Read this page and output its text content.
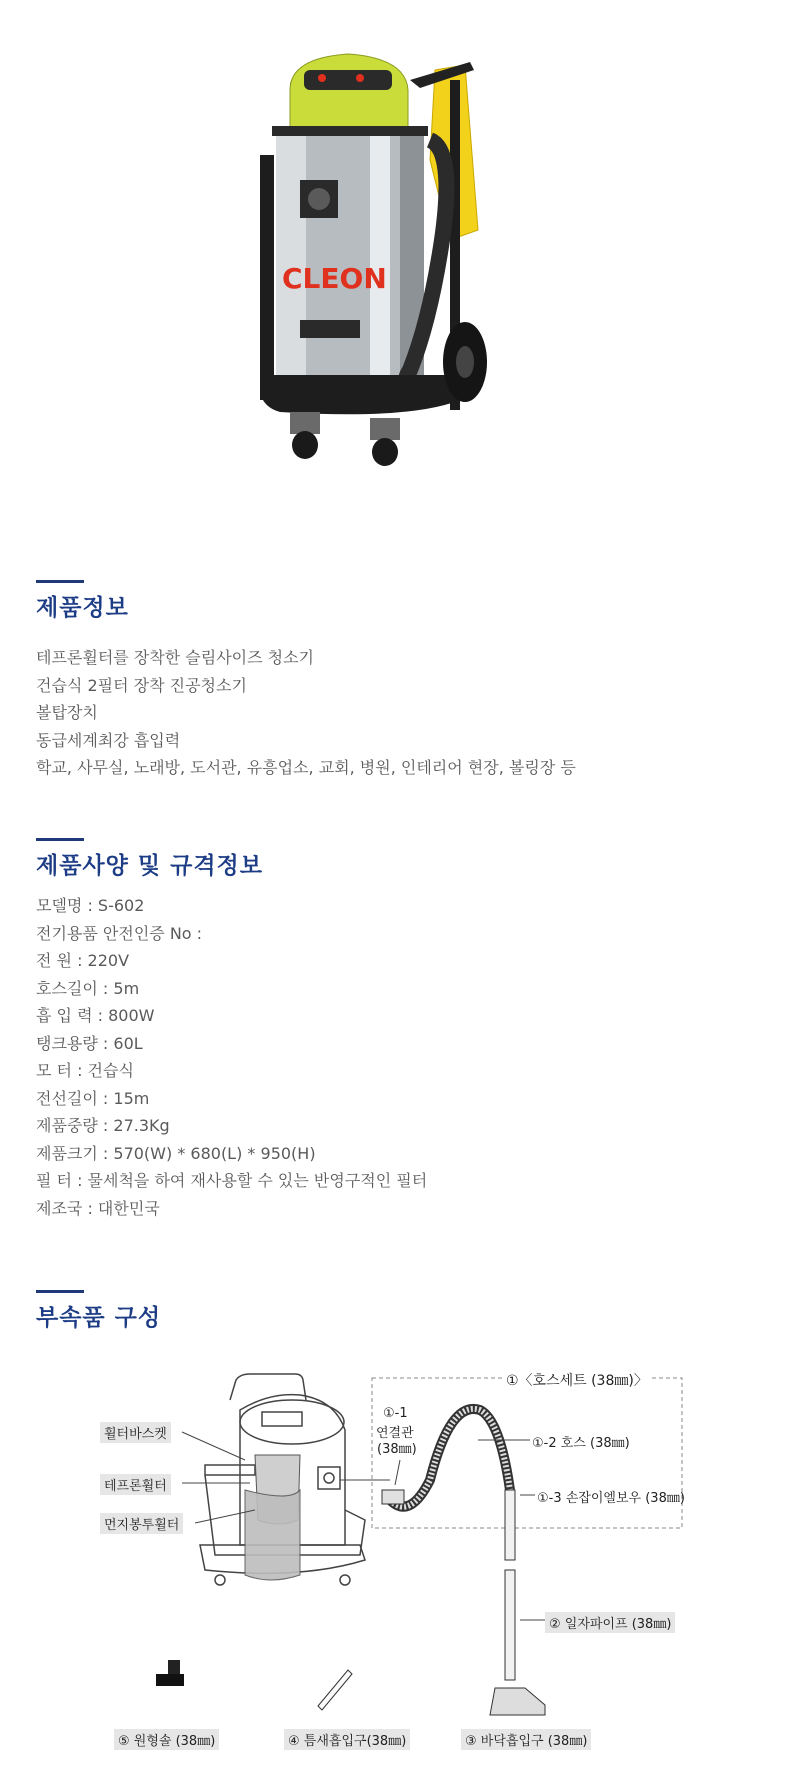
CLEON
제품정보
테프론휠터를 장착한 슬림사이즈 청소기
건습식 2필터 장착 진공청소기
볼탑장치
동급세계최강 흡입력
학교, 사무실, 노래방, 도서관, 유흥업소, 교회, 병원, 인테리어 현장, 볼링장 등
제품사양 및 규격정보
모델명 : S-602
전기용품 안전인증 No :
전 원 : 220V
호스길이 : 5m
흡 입 력 : 800W
탱크용량 : 60L
모 터 : 건습식
전선길이 : 15m
제품중량 : 27.3Kg
제품크기 : 570(W) * 680(L) * 950(H)
필 터 : 물세척을 하여 재사용할 수 있는 반영구적인 필터
제조국 : 대한민국
부속품 구성
휠터바스켓
테프론휠터
먼지봉투휠터
①〈호스세트 (38㎜)〉
①-1
연결관
(38㎜)	①-2 호스 (38㎜)
①-3 손잡이엘보우 (38㎜)
② 일자파이프 (38㎜)
③ 바닥흡입구 (38㎜)
④ 틈새흡입구(38㎜)
⑤ 원형솔 (38㎜)
